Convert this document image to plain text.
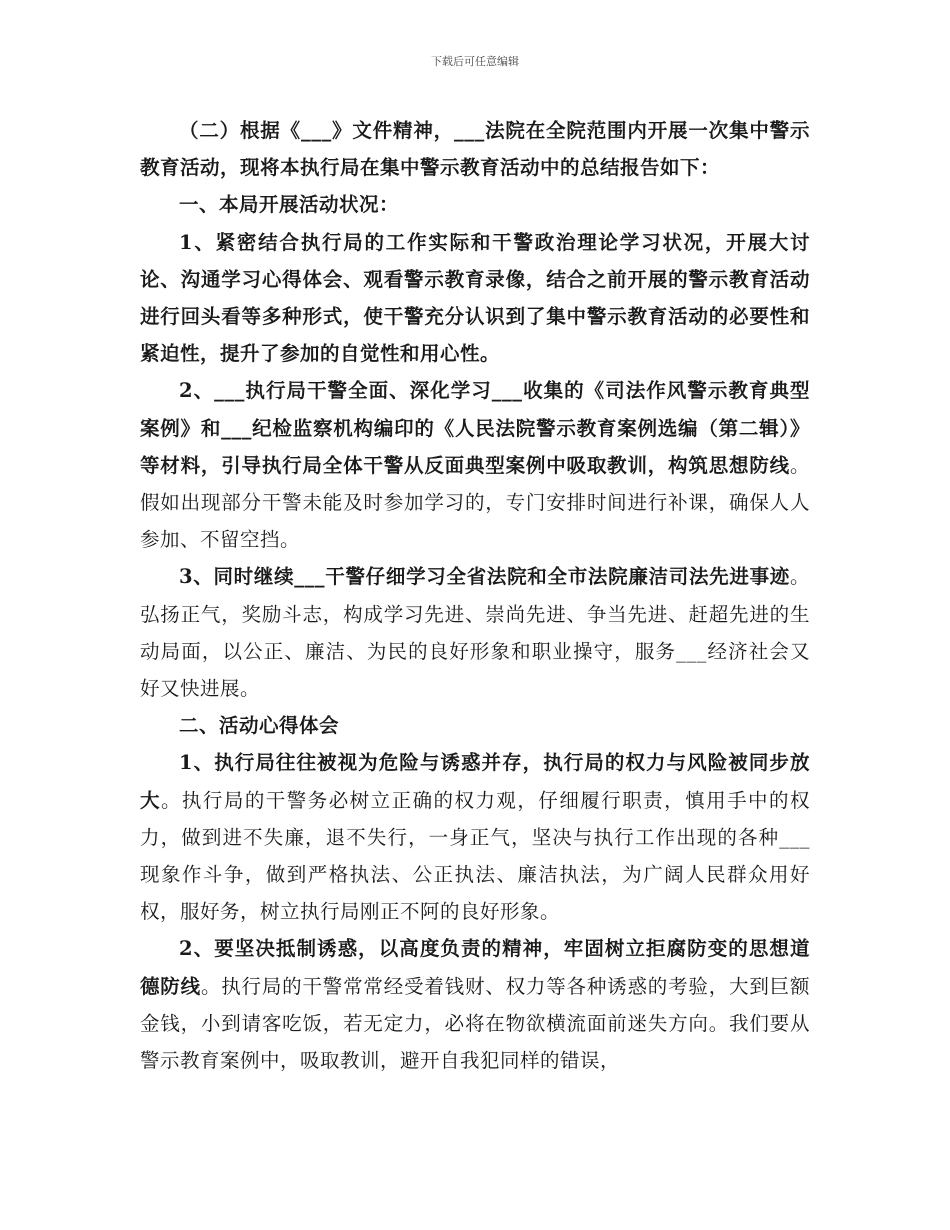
下载后可任意编辑

（二）根据《___》文件精神，___法院在全院范围内开展一次集中警示教育活动，现将本执行局在集中警示教育活动中的总结报告如下：

一、本局开展活动状况：

1、紧密结合执行局的工作实际和干警政治理论学习状况，开展大讨论、沟通学习心得体会、观看警示教育录像，结合之前开展的警示教育活动进行回头看等多种形式，使干警充分认识到了集中警示教育活动的必要性和紧迫性，提升了参加的自觉性和用心性。

2、___执行局干警全面、深化学习___收集的《司法作风警示教育典型案例》和___纪检监察机构编印的《人民法院警示教育案例选编（第二辑）》等材料，引导执行局全体干警从反面典型案例中吸取教训，构筑思想防线。假如出现部分干警未能及时参加学习的，专门安排时间进行补课，确保人人参加、不留空挡。

3、同时继续___干警仔细学习全省法院和全市法院廉洁司法先进事迹。弘扬正气，奖励斗志，构成学习先进、崇尚先进、争当先进、赶超先进的生动局面，以公正、廉洁、为民的良好形象和职业操守，服务___经济社会又好又快进展。

二、活动心得体会

1、执行局往往被视为危险与诱惑并存，执行局的权力与风险被同步放大。执行局的干警务必树立正确的权力观，仔细履行职责，慎用手中的权力，做到进不失廉，退不失行，一身正气，坚决与执行工作出现的各种___现象作斗争，做到严格执法、公正执法、廉洁执法，为广阔人民群众用好权，服好务，树立执行局刚正不阿的良好形象。

2、要坚决抵制诱惑，以高度负责的精神，牢固树立拒腐防变的思想道德防线。执行局的干警常常经受着钱财、权力等各种诱惑的考验，大到巨额金钱，小到请客吃饭，若无定力，必将在物欲横流面前迷失方向。我们要从警示教育案例中，吸取教训，避开自我犯同样的错误，
